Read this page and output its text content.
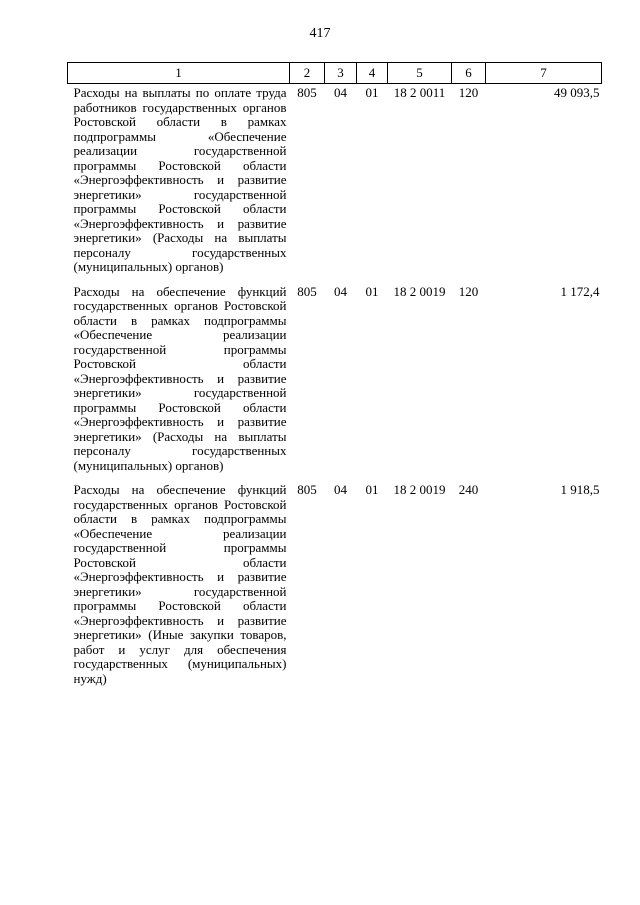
417
1	2	3	4	5	6	7
Расходы на выплаты по оплате труда работников государственных органов Ростовской области в рамках подпрограммы «Обеспечение реализации государственной программы Ростовской области «Энергоэффективность и развитие энергетики» государственной программы Ростовской области «Энергоэффективность и развитие энергетики» (Расходы на выплаты персоналу государственных (муниципальных) органов)	805	04	01	18 2 0011	120	49 093,5
Расходы на обеспечение функций государственных органов Ростовской области в рамках подпрограммы «Обеспечение реализации государственной программы Ростовской области «Энергоэффективность и развитие энергетики» государственной программы Ростовской области «Энергоэффективность и развитие энергетики» (Расходы на выплаты персоналу государственных (муниципальных) органов)	805	04	01	18 2 0019	120	1 172,4
Расходы на обеспечение функций государственных органов Ростовской области в рамках подпрограммы «Обеспечение реализации государственной программы Ростовской области «Энергоэффективность и развитие энергетики» государственной программы Ростовской области «Энергоэффективность и развитие энергетики» (Иные закупки товаров, работ и услуг для обеспечения государственных (муниципальных) нужд)	805	04	01	18 2 0019	240	1 918,5
